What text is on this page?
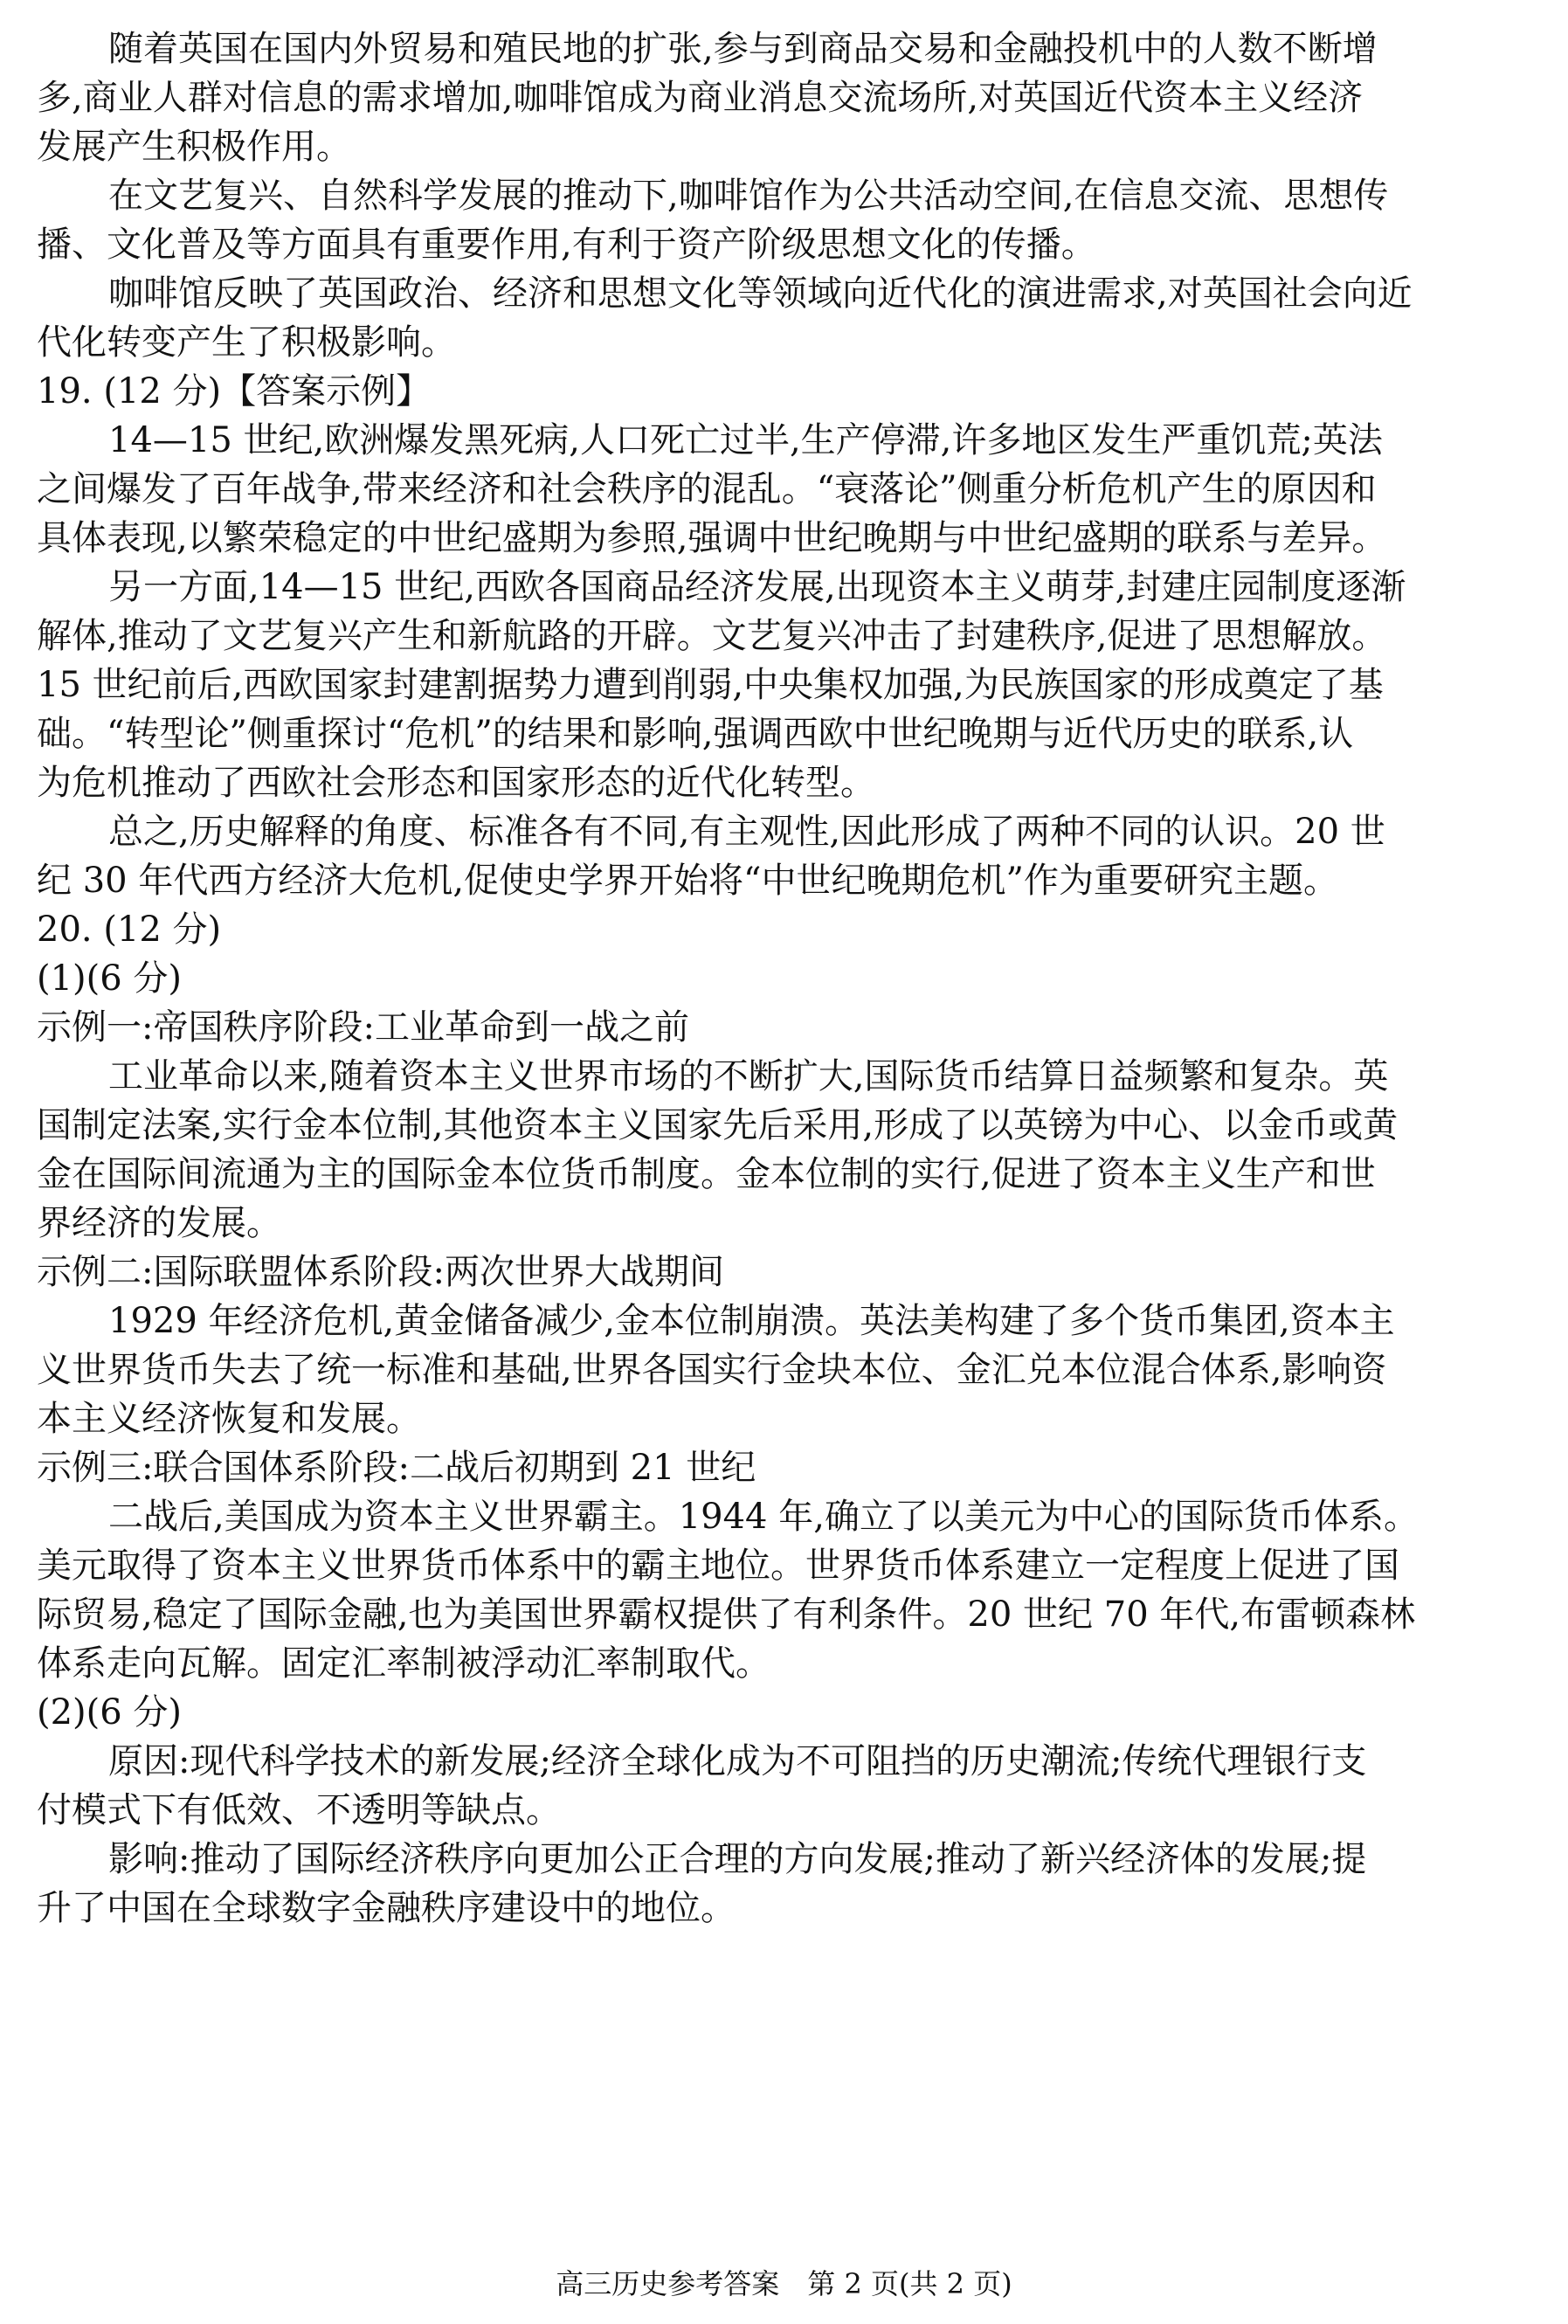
随着英国在国内外贸易和殖民地的扩张,参与到商品交易和金融投机中的人数不断增
多,商业人群对信息的需求增加,咖啡馆成为商业消息交流场所,对英国近代资本主义经济
发展产生积极作用。
在文艺复兴、自然科学发展的推动下,咖啡馆作为公共活动空间,在信息交流、思想传
播、文化普及等方面具有重要作用,有利于资产阶级思想文化的传播。
咖啡馆反映了英国政治、经济和思想文化等领域向近代化的演进需求,对英国社会向近
代化转变产生了积极影响。
19. (12 分)【答案示例】
14—15 世纪,欧洲爆发黑死病,人口死亡过半,生产停滞,许多地区发生严重饥荒;英法
之间爆发了百年战争,带来经济和社会秩序的混乱。“衰落论”侧重分析危机产生的原因和
具体表现,以繁荣稳定的中世纪盛期为参照,强调中世纪晚期与中世纪盛期的联系与差异。
另一方面,14—15 世纪,西欧各国商品经济发展,出现资本主义萌芽,封建庄园制度逐渐
解体,推动了文艺复兴产生和新航路的开辟。文艺复兴冲击了封建秩序,促进了思想解放。
15 世纪前后,西欧国家封建割据势力遭到削弱,中央集权加强,为民族国家的形成奠定了基
础。“转型论”侧重探讨“危机”的结果和影响,强调西欧中世纪晚期与近代历史的联系,认
为危机推动了西欧社会形态和国家形态的近代化转型。
总之,历史解释的角度、标准各有不同,有主观性,因此形成了两种不同的认识。20 世
纪 30 年代西方经济大危机,促使史学界开始将“中世纪晚期危机”作为重要研究主题。
20. (12 分)
(1)(6 分)
示例一:帝国秩序阶段:工业革命到一战之前
工业革命以来,随着资本主义世界市场的不断扩大,国际货币结算日益频繁和复杂。英
国制定法案,实行金本位制,其他资本主义国家先后采用,形成了以英镑为中心、以金币或黄
金在国际间流通为主的国际金本位货币制度。金本位制的实行,促进了资本主义生产和世
界经济的发展。
示例二:国际联盟体系阶段:两次世界大战期间
1929 年经济危机,黄金储备减少,金本位制崩溃。英法美构建了多个货币集团,资本主
义世界货币失去了统一标准和基础,世界各国实行金块本位、金汇兑本位混合体系,影响资
本主义经济恢复和发展。
示例三:联合国体系阶段:二战后初期到 21 世纪
二战后,美国成为资本主义世界霸主。1944 年,确立了以美元为中心的国际货币体系。
美元取得了资本主义世界货币体系中的霸主地位。世界货币体系建立一定程度上促进了国
际贸易,稳定了国际金融,也为美国世界霸权提供了有利条件。20 世纪 70 年代,布雷顿森林
体系走向瓦解。固定汇率制被浮动汇率制取代。
(2)(6 分)
原因:现代科学技术的新发展;经济全球化成为不可阻挡的历史潮流;传统代理银行支
付模式下有低效、不透明等缺点。
影响:推动了国际经济秩序向更加公正合理的方向发展;推动了新兴经济体的发展;提
升了中国在全球数字金融秩序建设中的地位。
高三历史参考答案　第 2 页(共 2 页)
